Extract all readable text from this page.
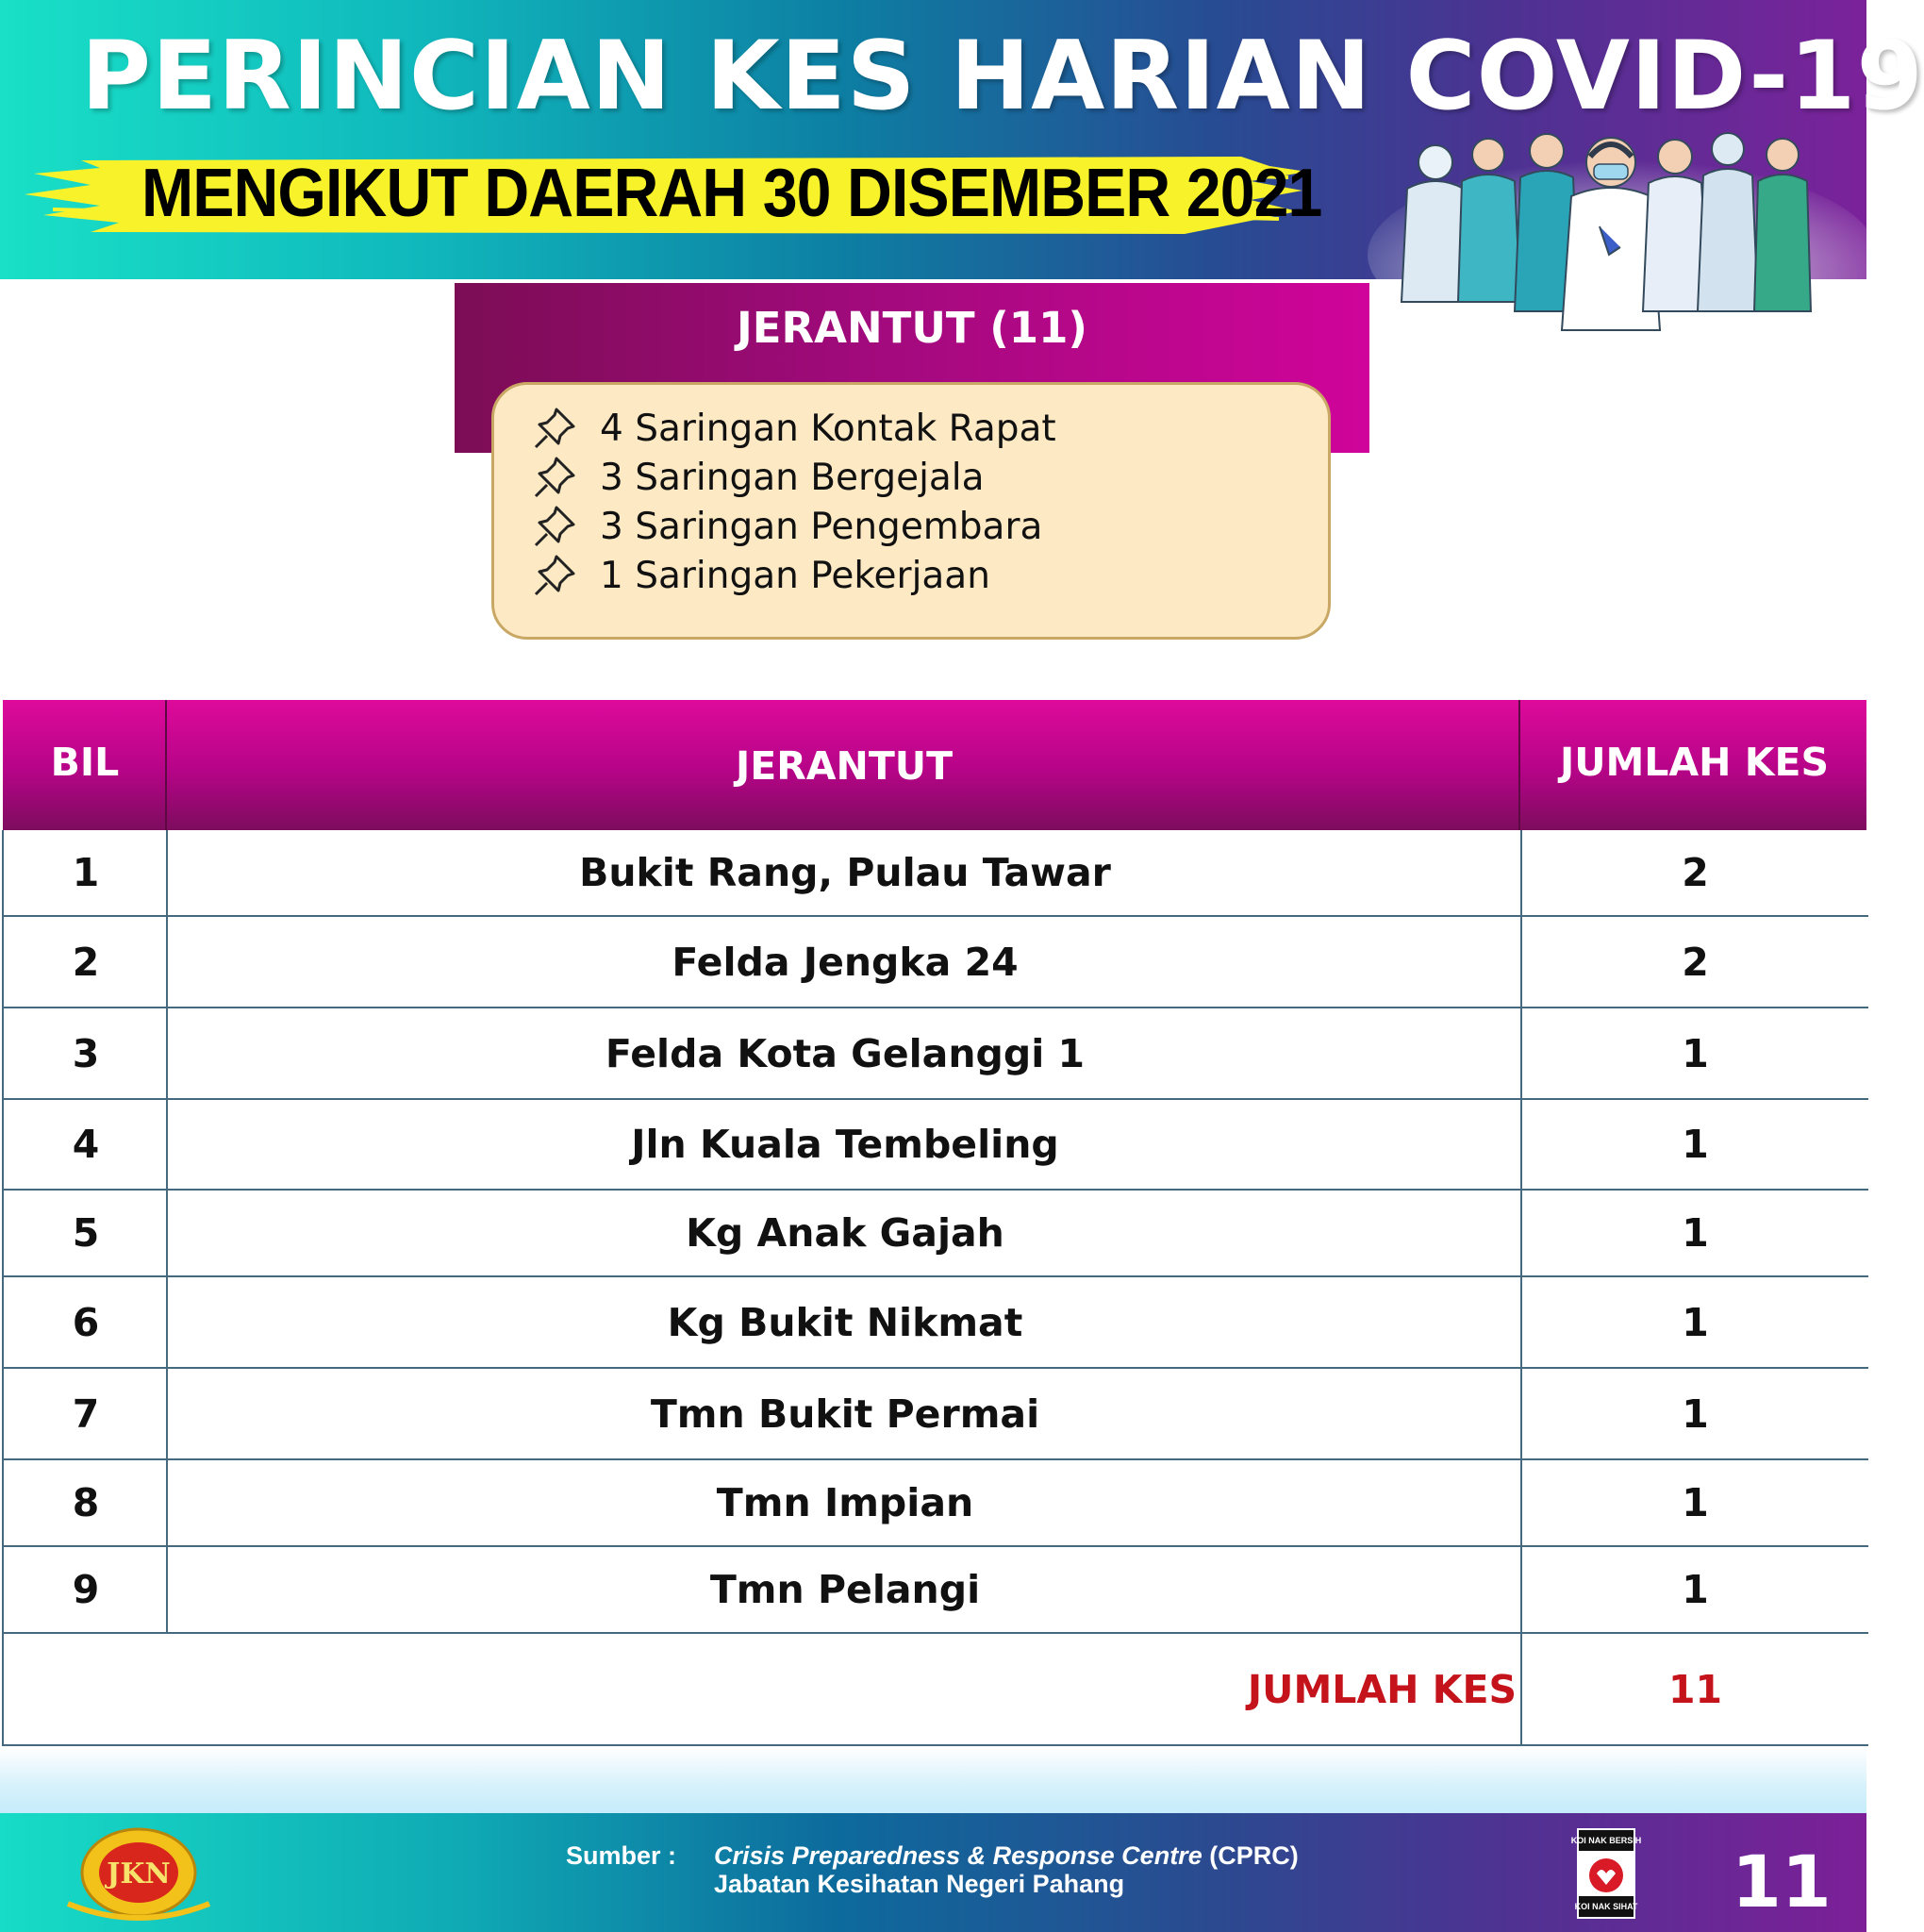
PERINCIAN KES HARIAN COVID-19
MENGIKUT DAERAH 30 DISEMBER 2021
JERANTUT (11)
4 Saringan Kontak Rapat
3 Saringan Bergejala
3 Saringan Pengembara
1 Saringan Pekerjaan
BIL	JERANTUT	JUMLAH KES
1	Bukit Rang, Pulau Tawar	2
2	Felda Jengka 24	2
3	Felda Kota Gelanggi 1	1
4	Jln Kuala Tembeling	1
5	Kg Anak Gajah	1
6	Kg Bukit Nikmat	1
7	Tmn Bukit Permai	1
8	Tmn Impian	1
9	Tmn Pelangi	1
JUMLAH KES	11
JKN
Sumber : Crisis Preparedness & Response Centre (CPRC)
Jabatan Kesihatan Negeri Pahang
KOI NAK BERSIH
KOI NAK SIHAT 11
